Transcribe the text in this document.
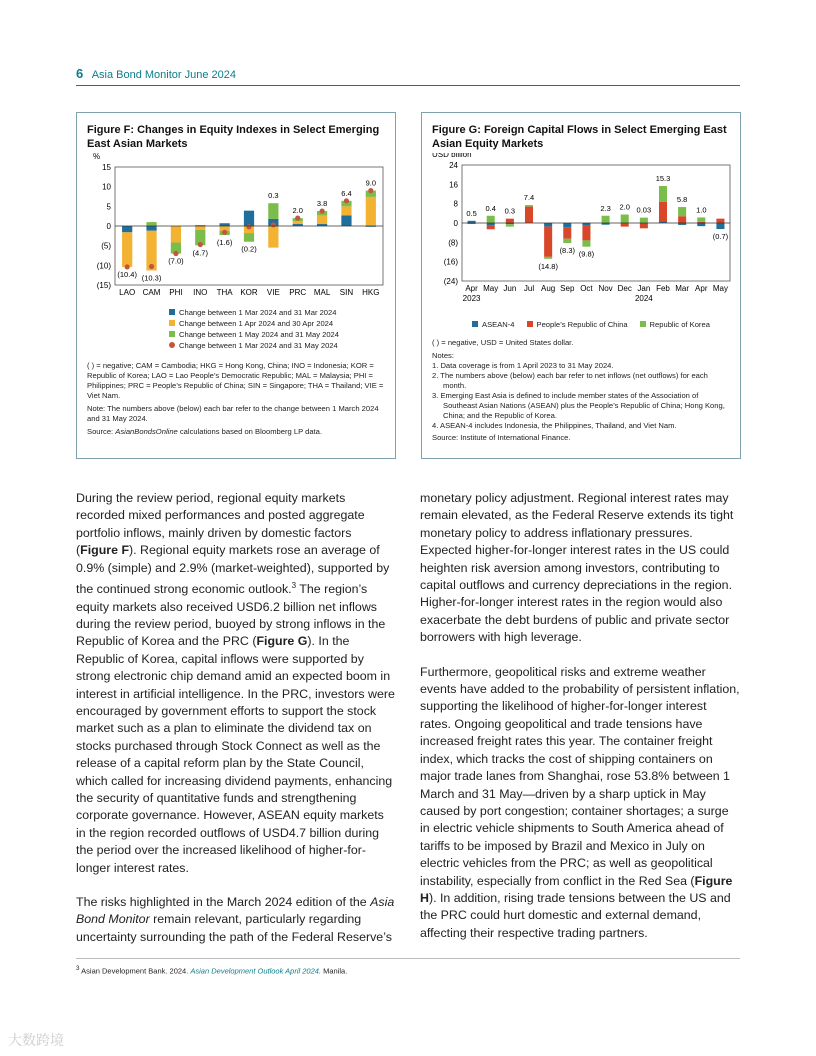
6 Asia Bond Monitor June 2024
Figure F: Changes in Equity Indexes in Select Emerging East Asian Markets
%
15
10
5
0
(5)
(10)
(15)
LAO
(10.4)
CAM
(10.3)
PHI
(7.0)
INO
(4.7)
THA
(1.6)
KOR
(0.2)
VIE
0.3
PRC
2.0
MAL
3.8
SIN
6.4
HKG
9.0
Change between 1 Mar 2024 and 31 Mar 2024
Change between 1 Apr 2024 and 30 Apr 2024
Change between 1 May 2024 and 31 May 2024
Change between 1 Mar 2024 and 31 May 2024
( ) = negative; CAM = Cambodia; HKG = Hong Kong, China; INO = Indonesia; KOR = Republic of Korea; LAO = Lao People’s Democratic Republic; MAL = Malaysia; PHI = Philippines; PRC = People’s Republic of China; SIN = Singapore; THA = Thailand; VIE = Viet Nam.
Note: The numbers above (below) each bar refer to the change between 1 March 2024 and 31 May 2024.
Source: AsianBondsOnline calculations based on Bloomberg LP data.
Figure G: Foreign Capital Flows in Select Emerging East Asian Equity Markets
USD billion
24
16
8
0
(8)
(16)
(24)
Apr
0.5
May
0.4
Jun
0.3
Jul
7.4
Aug
(14.8)
Sep
(8.3)
Oct
(9.8)
Nov
2.3
Dec
2.0
Jan
0.03
Feb
15.3
Mar
5.8
Apr
1.0
May
(0.7)
2023	2024
ASEAN-4	People’s Republic of China	Republic of Korea
( ) = negative, USD = United States dollar.
Notes:
1. Data coverage is from 1 April 2023 to 31 May 2024.
2. The numbers above (below) each bar refer to net inflows (net outflows) for each month.
3. Emerging East Asia is defined to include member states of the Association of Southeast Asian Nations (ASEAN) plus the People’s Republic of China; Hong Kong, China; and the Republic of Korea.
4. ASEAN-4 includes Indonesia, the Philippines, Thailand, and Viet Nam.
Source: Institute of International Finance.

During the review period, regional equity markets recorded mixed performances and posted aggregate portfolio inflows, mainly driven by domestic factors (Figure F). Regional equity markets rose an average of 0.9% (simple) and 2.9% (market-weighted), supported by the continued strong economic outlook.$^3$ The region’s equity markets also received USD6.2 billion net inflows during the review period, buoyed by strong inflows in the Republic of Korea and the PRC (Figure G). In the Republic of Korea, capital inflows were supported by strong electronic chip demand amid an expected boom in interest in artificial intelligence. In the PRC, investors were encouraged by government efforts to support the stock market such as a plan to eliminate the dividend tax on stocks purchased through Stock Connect as well as the release of a capital reform plan by the State Council, which called for increasing dividend payments, enhancing the security of quantitative funds and strengthening corporate governance. However, ASEAN equity markets in the region recorded outflows of USD4.7 billion during the period over the increased likelihood of higher-for-longer interest rates.

The risks highlighted in the March 2024 edition of the Asia Bond Monitor remain relevant, particularly regarding uncertainty surrounding the path of the Federal Reserve’s

monetary policy adjustment. Regional interest rates may remain elevated, as the Federal Reserve extends its tight monetary policy to address inflationary pressures. Expected higher-for-longer interest rates in the US could heighten risk aversion among investors, contributing to capital outflows and currency depreciations in the region. Higher-for-longer interest rates in the region would also exacerbate the debt burdens of public and private sector borrowers with high leverage.

Furthermore, geopolitical risks and extreme weather events have added to the probability of persistent inflation, supporting the likelihood of higher-for-longer interest rates. Ongoing geopolitical and trade tensions have increased freight rates this year. The container freight index, which tracks the cost of shipping containers on major trade lanes from Shanghai, rose 53.8% between 1 March and 31 May—driven by a sharp uptick in May caused by port congestion; container shortages; a surge in electric vehicle shipments to South America ahead of tariffs to be imposed by Brazil and Mexico in July on electric vehicles from the PRC; as well as geopolitical instability, especially from conflict in the Red Sea (Figure H). In addition, rising trade tensions between the US and the PRC could hurt domestic and external demand, affecting their respective trading partners.

$^3$ Asian Development Bank. 2024. Asian Development Outlook April 2024. Manila.
大数跨境
